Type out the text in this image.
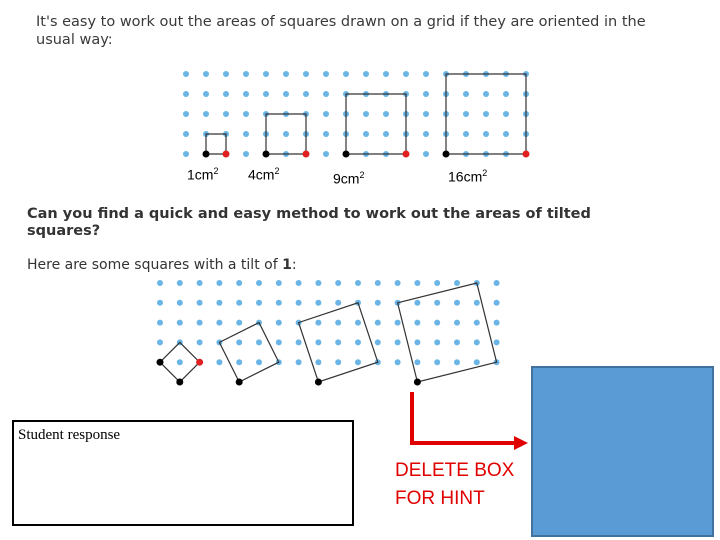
It's easy to work out the areas of squares drawn on a grid if they are oriented in the usual way:
$1cm^2$ $4cm^2$	$9cm^2$	$16cm^2$
Can you find a quick and easy method to work out the areas of tilted squares?
Here are some squares with a tilt of 1:
Student response
DELETE BOX
FOR HINT
